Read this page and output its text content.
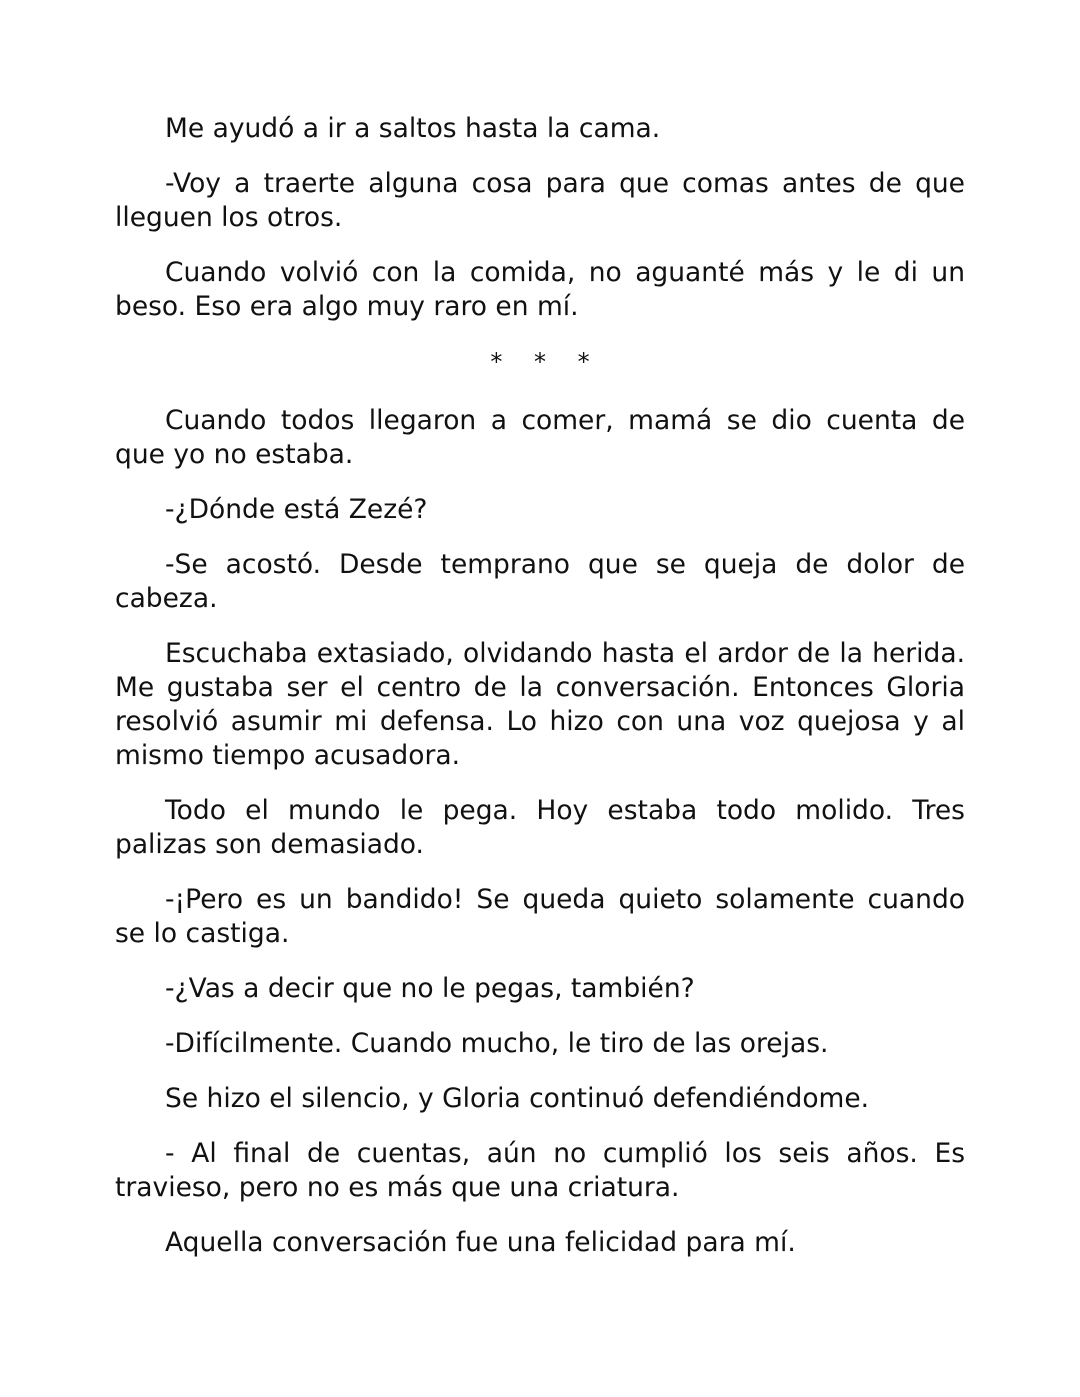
Me ayudó a ir a saltos hasta la cama.

-Voy a traerte alguna cosa para que comas antes de que lleguen los otros.

Cuando volvió con la comida, no aguanté más y le di un beso. Eso era algo muy raro en mí.

* * *

Cuando todos llegaron a comer, mamá se dio cuenta de que yo no estaba.

-¿Dónde está Zezé?

-Se acostó. Desde temprano que se queja de dolor de cabeza.

Escuchaba extasiado, olvidando hasta el ardor de la herida. Me gustaba ser el centro de la conversación. Entonces Gloria resolvió asumir mi defensa. Lo hizo con una voz quejosa y al mismo tiempo acusadora.

Todo el mundo le pega. Hoy estaba todo molido. Tres palizas son demasiado.

-¡Pero es un bandido! Se queda quieto solamente cuando se lo castiga.

-¿Vas a decir que no le pegas, también?

-Difícilmente. Cuando mucho, le tiro de las orejas.

Se hizo el silencio, y Gloria continuó defendiéndome.

- Al final de cuentas, aún no cumplió los seis años. Es travieso, pero no es más que una criatura.

Aquella conversación fue una felicidad para mí.
